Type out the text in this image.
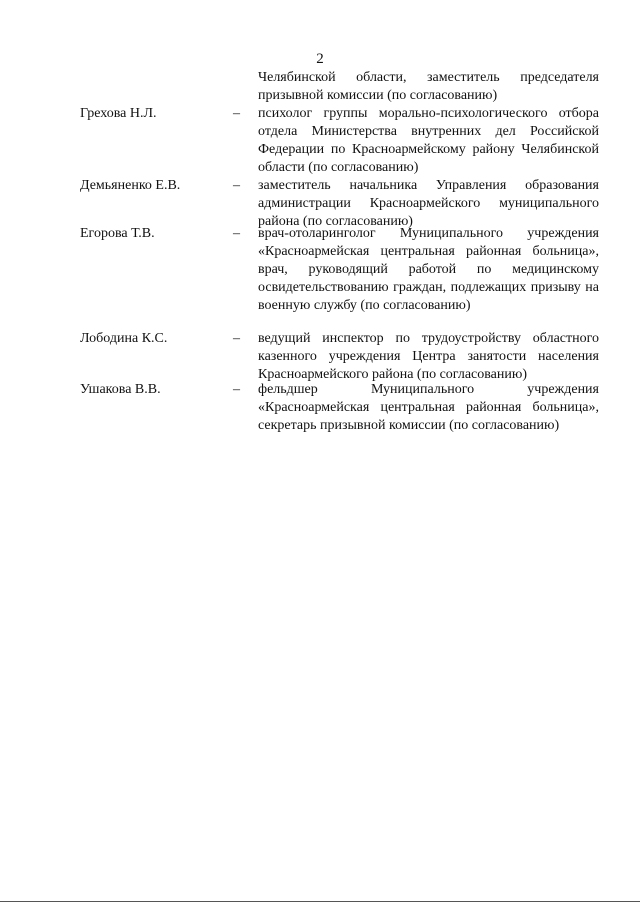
2
Челябинской области, заместитель председателя призывной комиссии (по согласованию)
Грехова Н.Л.	– психолог группы морально-психологического отбора отдела Министерства внутренних дел Российской Федерации по Красноармейскому району Челябинской области (по согласованию)
Демьяненко Е.В.	– заместитель начальника Управления образования администрации Красноармейского муниципального района (по согласованию)
Егорова Т.В.	– врач-отоларинголог Муниципального учреждения «Красноармейская центральная районная больница», врач, руководящий работой по медицинскому освидетельствованию граждан, подлежащих призыву на военную службу (по согласованию)
Лободина К.С.	– ведущий инспектор по трудоустройству областного казенного учреждения Центра занятости населения Красноармейского района (по согласованию)
Ушакова В.В.	– фельдшер Муниципального учреждения «Красноармейская центральная районная больница», секретарь призывной комиссии (по согласованию)
